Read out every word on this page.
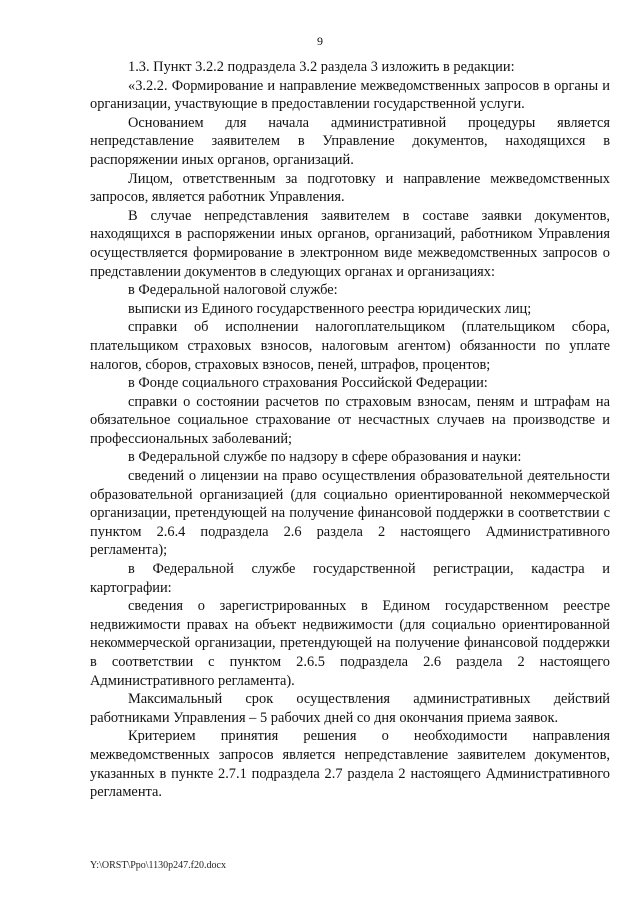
9

1.3. Пункт 3.2.2 подраздела 3.2 раздела 3 изложить в редакции:

«3.2.2. Формирование и направление межведомственных запросов в органы и организации, участвующие в предоставлении государственной услуги.

Основанием для начала административной процедуры является непредставление заявителем в Управление документов, находящихся в распоряжении иных органов, организаций.

Лицом, ответственным за подготовку и направление межведомственных запросов, является работник Управления.

В случае непредставления заявителем в составе заявки документов, находящихся в распоряжении иных органов, организаций, работником Управления осуществляется формирование в электронном виде межведомственных запросов о представлении документов в следующих органах и организациях:

в Федеральной налоговой службе:

выписки из Единого государственного реестра юридических лиц;

справки об исполнении налогоплательщиком (плательщиком сбора, плательщиком страховых взносов, налоговым агентом) обязанности по уплате налогов, сборов, страховых взносов, пеней, штрафов, процентов;

в Фонде социального страхования Российской Федерации:

справки о состоянии расчетов по страховым взносам, пеням и штрафам на обязательное социальное страхование от несчастных случаев на производстве и профессиональных заболеваний;

в Федеральной службе по надзору в сфере образования и науки:

сведений о лицензии на право осуществления образовательной деятельности образовательной организацией (для социально ориентированной некоммерческой организации, претендующей на получение финансовой поддержки в соответствии с пунктом 2.6.4 подраздела 2.6 раздела 2 настоящего Административного регламента);

в Федеральной службе государственной регистрации, кадастра и картографии:

сведения о зарегистрированных в Едином государственном реестре недвижимости правах на объект недвижимости (для социально ориентированной некоммерческой организации, претендующей на получение финансовой поддержки в соответствии с пунктом 2.6.5 подраздела 2.6 раздела 2 настоящего Административного регламента).

Максимальный срок осуществления административных действий работниками Управления – 5 рабочих дней со дня окончания приема заявок.

Критерием принятия решения о необходимости направления межведомственных запросов является непредставление заявителем документов, указанных в пункте 2.7.1 подраздела 2.7 раздела 2 настоящего Административного регламента.

Y:\ORST\Ppo\1130p247.f20.docx
